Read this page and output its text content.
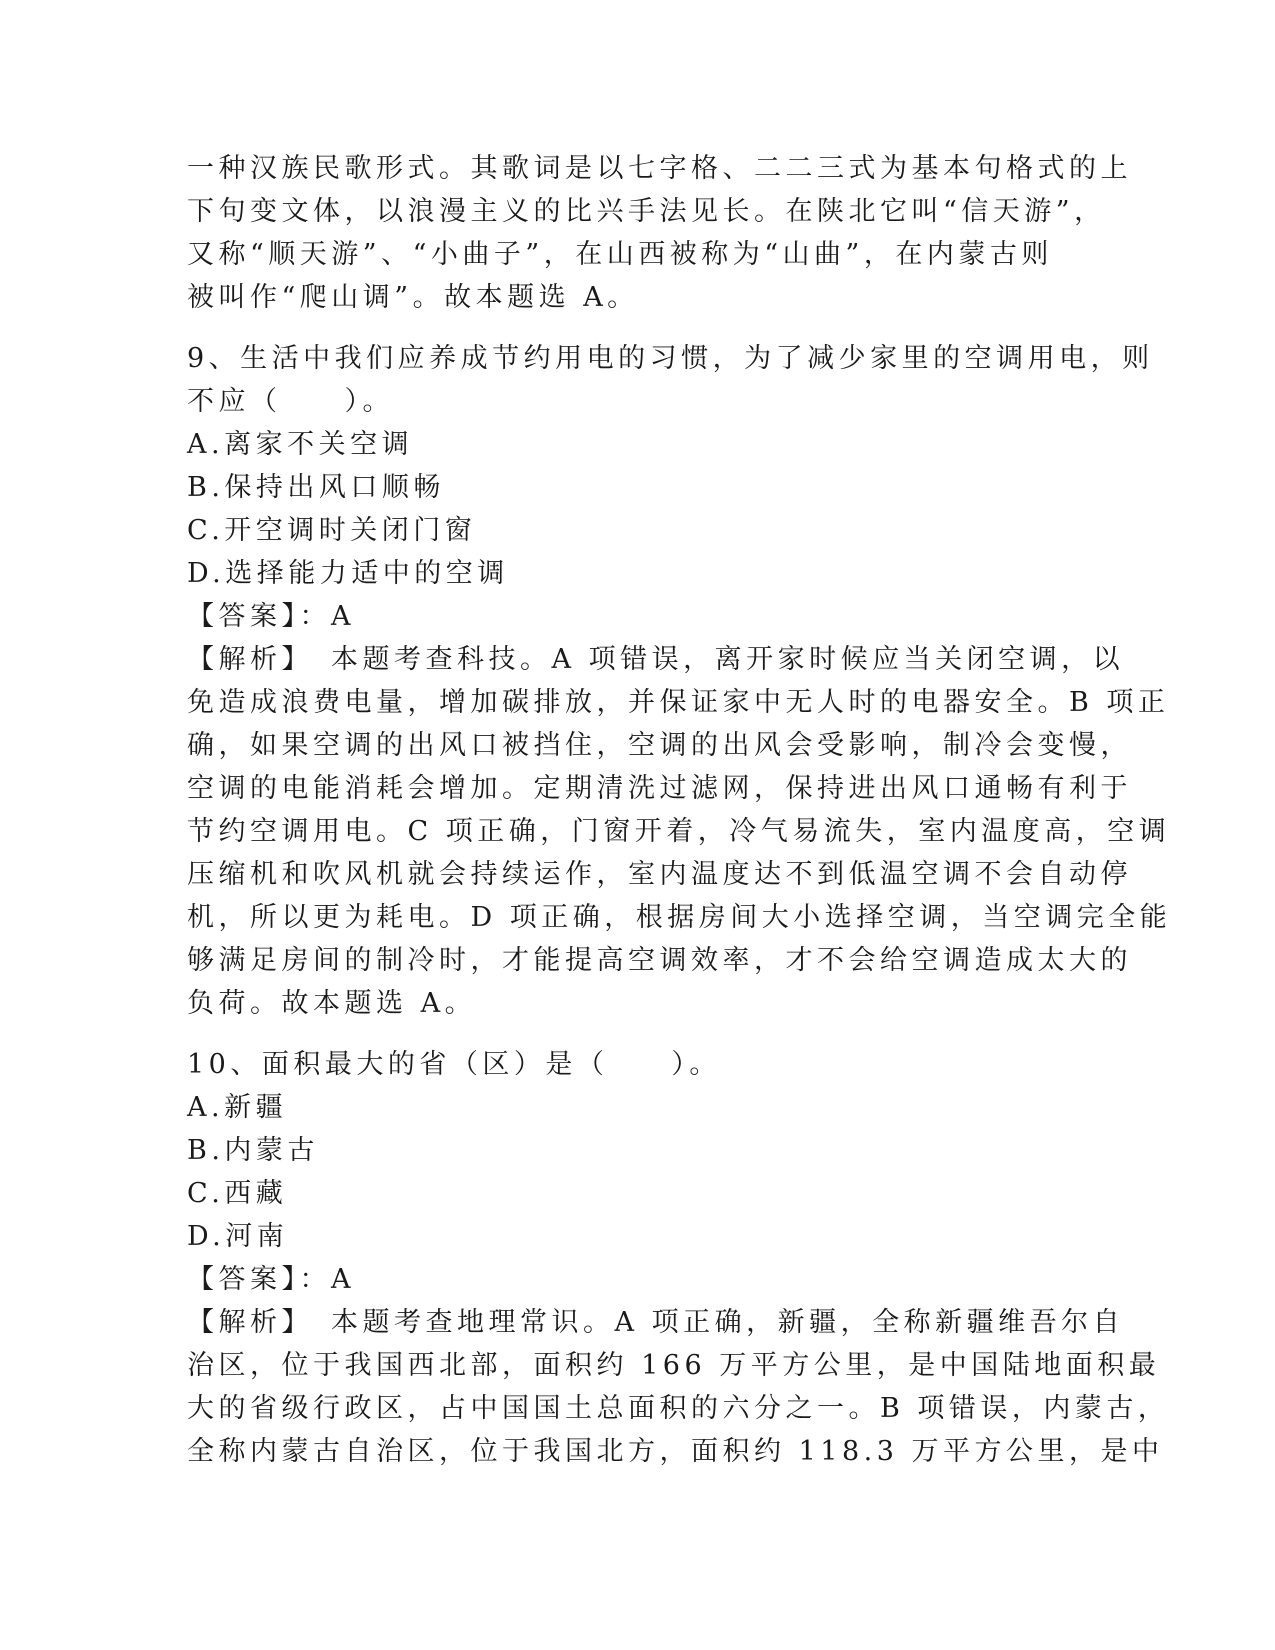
一种汉族民歌形式。其歌词是以七字格、二二三式为基本句格式的上
下句变文体，以浪漫主义的比兴手法见长。在陕北它叫“信天游”，
又称“顺天游”、“小曲子”，在山西被称为“山曲”，在内蒙古则
被叫作“爬山调”。故本题选 A。
9、生活中我们应养成节约用电的习惯，为了减少家里的空调用电，则
不应（　　）。
A.离家不关空调
B.保持出风口顺畅
C.开空调时关闭门窗
D.选择能力适中的空调
【答案】：A
【解析】　本题考查科技。A 项错误，离开家时候应当关闭空调，以
免造成浪费电量，增加碳排放，并保证家中无人时的电器安全。B 项正
确，如果空调的出风口被挡住，空调的出风会受影响，制冷会变慢，
空调的电能消耗会增加。定期清洗过滤网，保持进出风口通畅有利于
节约空调用电。C 项正确，门窗开着，冷气易流失，室内温度高，空调
压缩机和吹风机就会持续运作，室内温度达不到低温空调不会自动停
机，所以更为耗电。D 项正确，根据房间大小选择空调，当空调完全能
够满足房间的制冷时，才能提高空调效率，才不会给空调造成太大的
负荷。故本题选 A。
10、面积最大的省（区）是（　　）。
A.新疆
B.内蒙古
C.西藏
D.河南
【答案】：A
【解析】　本题考查地理常识。A 项正确，新疆，全称新疆维吾尔自
治区，位于我国西北部，面积约 166 万平方公里，是中国陆地面积最
大的省级行政区，占中国国土总面积的六分之一。B 项错误，内蒙古，
全称内蒙古自治区，位于我国北方，面积约 118.3 万平方公里，是中
